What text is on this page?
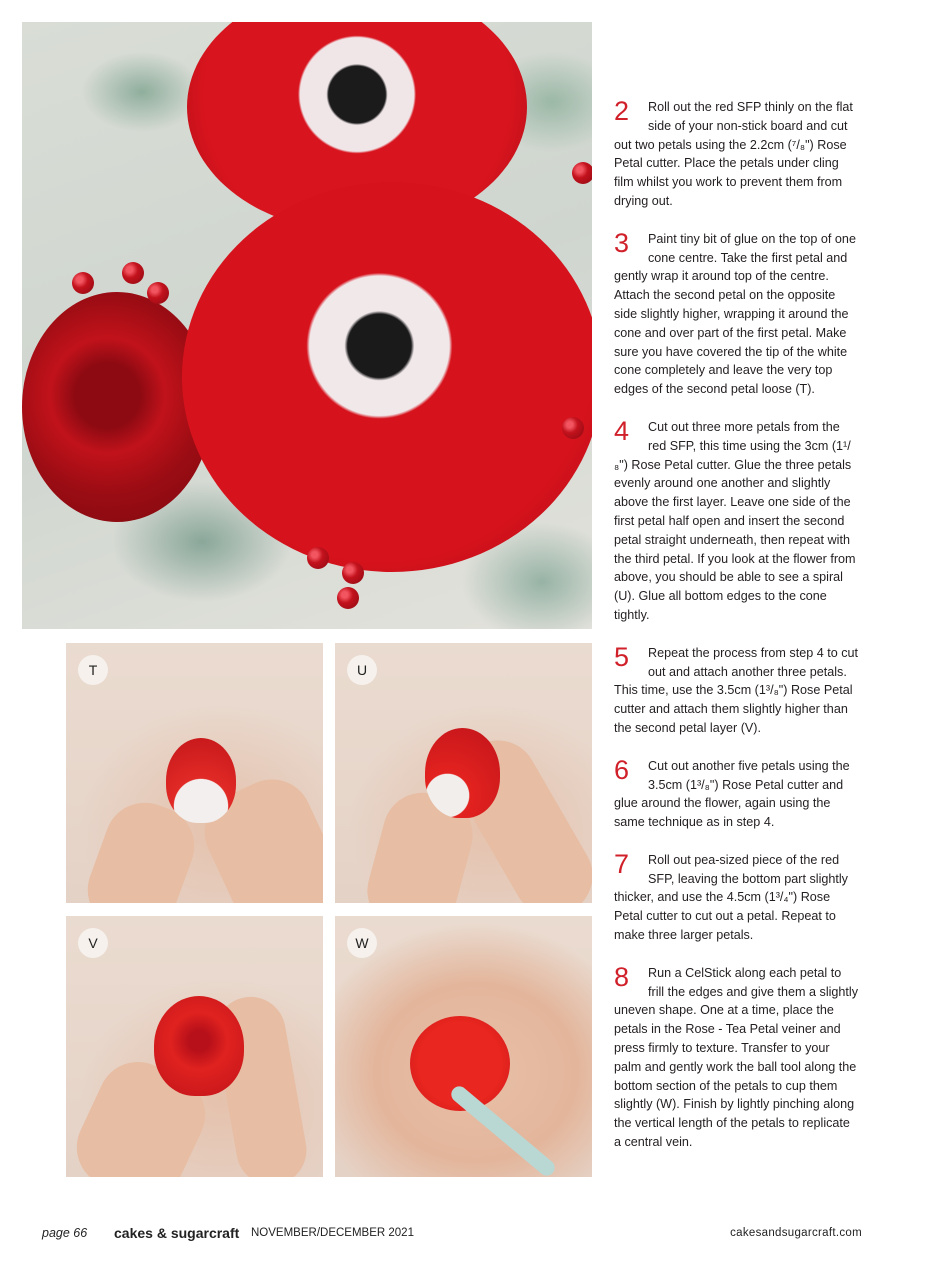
T	U
V	W
2	Roll out the red SFP thinly on the flat side of your non-stick board and cut out two petals using the 2.2cm (⁷/₈") Rose Petal cutter. Place the petals under cling film whilst you work to prevent them from drying out.

3	Paint tiny bit of glue on the top of one cone centre. Take the first petal and gently wrap it around top of the centre. Attach the second petal on the opposite side slightly higher, wrapping it around the cone and over part of the first petal. Make sure you have covered the tip of the white cone completely and leave the very top edges of the second petal loose (T).

4	Cut out three more petals from the red SFP, this time using the 3cm (1¹/₈") Rose Petal cutter. Glue the three petals evenly around one another and slightly above the first layer. Leave one side of the first petal half open and insert the second petal straight underneath, then repeat with the third petal. If you look at the flower from above, you should be able to see a spiral (U). Glue all bottom edges to the cone tightly.

5	Repeat the process from step 4 to cut out and attach another three petals. This time, use the 3.5cm (1³/₈") Rose Petal cutter and attach them slightly higher than the second petal layer (V).

6	Cut out another five petals using the 3.5cm (1³/₈") Rose Petal cutter and glue around the flower, again using the same technique as in step 4.

7	Roll out pea-sized piece of the red SFP, leaving the bottom part slightly thicker, and use the 4.5cm (1³/₄") Rose Petal cutter to cut out a petal. Repeat to make three larger petals.

8	Run a CelStick along each petal to frill the edges and give them a slightly uneven shape. One at a time, place the petals in the Rose - Tea Petal veiner and press firmly to texture. Transfer to your palm and gently work the ball tool along the bottom section of the petals to cup them slightly (W). Finish by lightly pinching along the vertical length of the petals to replicate a central vein.

page 66 cakes & sugarcraft NOVEMBER/DECEMBER 2021	cakesandsugarcraft.com
